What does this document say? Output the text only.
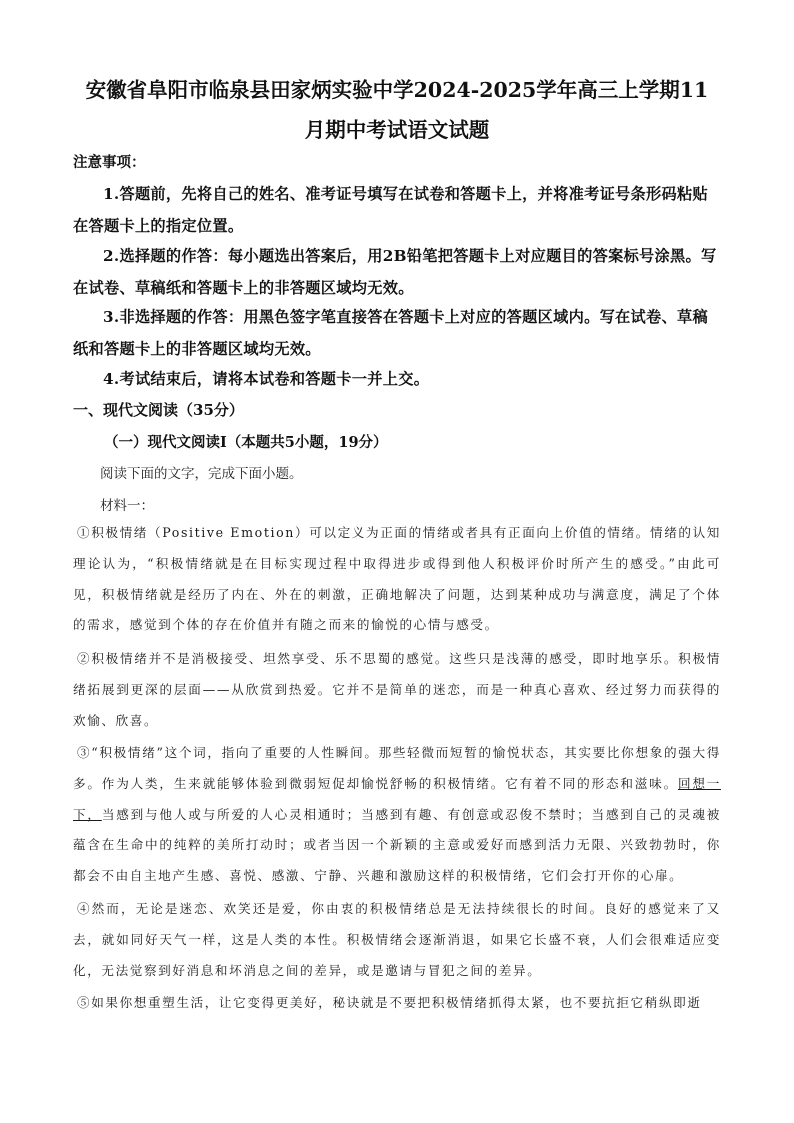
安徽省阜阳市临泉县田家炳实验中学2024-2025学年高三上学期11
月期中考试语文试题

注意事项：

1.答题前，先将自己的姓名、准考证号填写在试卷和答题卡上，并将准考证号条形码粘贴在答题卡上的指定位置。

2.选择题的作答：每小题选出答案后，用2B铅笔把答题卡上对应题目的答案标号涂黑。写在试卷、草稿纸和答题卡上的非答题区域均无效。

3.非选择题的作答：用黑色签字笔直接答在答题卡上对应的答题区域内。写在试卷、草稿纸和答题卡上的非答题区域均无效。

4.考试结束后，请将本试卷和答题卡一并上交。

一、现代文阅读（35分）

（一）现代文阅读Ⅰ（本题共5小题，19分）

阅读下面的文字，完成下面小题。

材料一：

①积极情绪（Positive Emotion）可以定义为正面的情绪或者具有正面向上价值的情绪。情绪的认知理论认为，“积极情绪就是在目标实现过程中取得进步或得到他人积极评价时所产生的感受。”由此可见，积极情绪就是经历了内在、外在的刺激，正确地解决了问题，达到某种成功与满意度，满足了个体的需求，感觉到个体的存在价值并有随之而来的愉悦的心情与感受。

②积极情绪并不是消极接受、坦然享受、乐不思蜀的感觉。这些只是浅薄的感受，即时地享乐。积极情绪拓展到更深的层面——从欣赏到热爱。它并不是简单的迷恋，而是一种真心喜欢、经过努力而获得的欢愉、欣喜。

③“积极情绪”这个词，指向了重要的人性瞬间。那些轻微而短暂的愉悦状态，其实要比你想象的强大得多。作为人类，生来就能够体验到微弱短促却愉悦舒畅的积极情绪。它有着不同的形态和滋味。回想一下，当感到与他人或与所爱的人心灵相通时；当感到有趣、有创意或忍俊不禁时；当感到自己的灵魂被蕴含在生命中的纯粹的美所打动时；或者当因一个新颖的主意或爱好而感到活力无限、兴致勃勃时，你都会不由自主地产生感、喜悦、感激、宁静、兴趣和激励这样的积极情绪，它们会打开你的心扉。

④然而，无论是迷恋、欢笑还是爱，你由衷的积极情绪总是无法持续很长的时间。良好的感觉来了又去，就如同好天气一样，这是人类的本性。积极情绪会逐渐消退，如果它长盛不衰，人们会很难适应变化，无法觉察到好消息和坏消息之间的差异，或是邀请与冒犯之间的差异。

⑤如果你想重塑生活，让它变得更美好，秘诀就是不要把积极情绪抓得太紧，也不要抗拒它稍纵即逝
